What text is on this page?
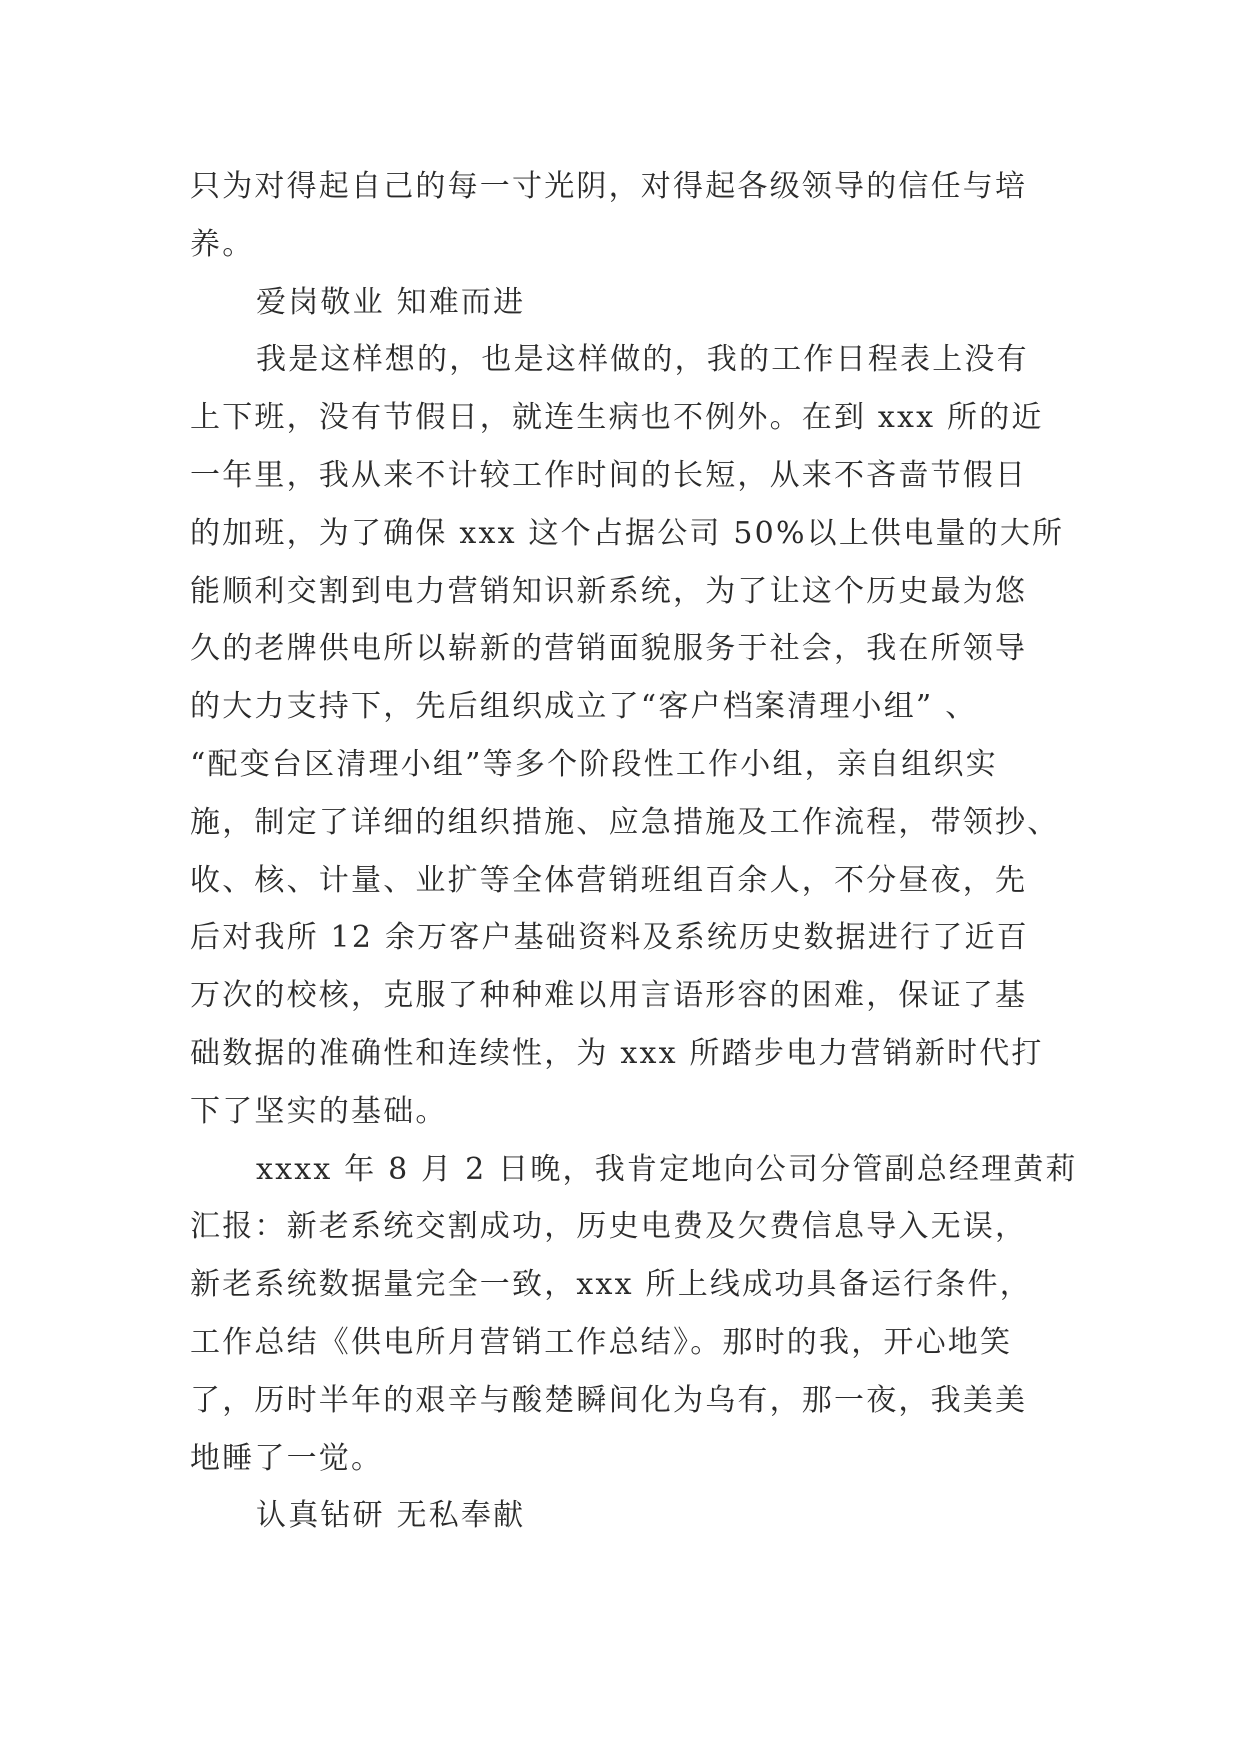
只为对得起自己的每一寸光阴，对得起各级领导的信任与培
养。
爱岗敬业 知难而进
我是这样想的，也是这样做的，我的工作日程表上没有
上下班，没有节假日，就连生病也不例外。在到 xxx 所的近
一年里，我从来不计较工作时间的长短，从来不吝啬节假日
的加班，为了确保 xxx 这个占据公司 50%以上供电量的大所
能顺利交割到电力营销知识新系统，为了让这个历史最为悠
久的老牌供电所以崭新的营销面貌服务于社会，我在所领导
的大力支持下，先后组织成立了“客户档案清理小组” 、
“配变台区清理小组”等多个阶段性工作小组，亲自组织实
施，制定了详细的组织措施、应急措施及工作流程，带领抄、
收、核、计量、业扩等全体营销班组百余人，不分昼夜，先
后对我所 12 余万客户基础资料及系统历史数据进行了近百
万次的校核，克服了种种难以用言语形容的困难，保证了基
础数据的准确性和连续性，为 xxx 所踏步电力营销新时代打
下了坚实的基础。
xxxx 年 8 月 2 日晚，我肯定地向公司分管副总经理黄莉
汇报：新老系统交割成功，历史电费及欠费信息导入无误，
新老系统数据量完全一致，xxx 所上线成功具备运行条件，
工作总结《供电所月营销工作总结》。那时的我，开心地笑
了，历时半年的艰辛与酸楚瞬间化为乌有，那一夜，我美美
地睡了一觉。
认真钻研 无私奉献
